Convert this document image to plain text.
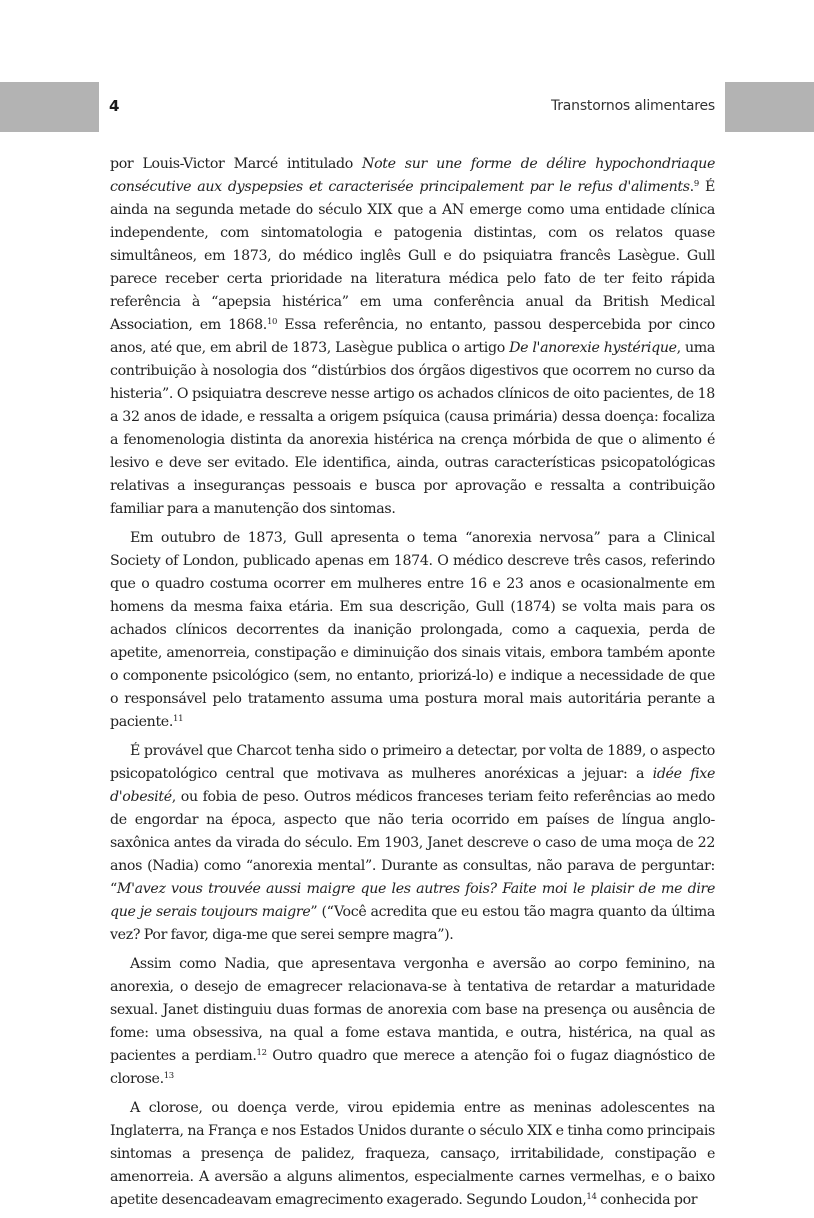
4	Transtornos alimentares

por Louis-Victor Marcé intitulado Note sur une forme de délire hypochondriaque consécutive aux dyspepsies et caracterisée principalement par le refus d'aliments.$^9$ É ainda na segunda metade do século XIX que a AN emerge como uma entidade clínica independente, com sintomatologia e patogenia distintas, com os relatos quase simultâneos, em 1873, do médico inglês Gull e do psiquiatra francês Lasègue. Gull parece receber certa prioridade na literatura médica pelo fato de ter feito rápida referência à “apepsia histérica” em uma conferência anual da British Medical Association, em 1868.10 Essa referência, no entanto, passou despercebida por cinco anos, até que, em abril de 1873, Lasègue publica o artigo De l'anorexie hystérique, uma contribuição à nosologia dos “distúrbios dos órgãos digestivos que ocorrem no curso da histeria”. O psiquiatra descreve nesse artigo os achados clínicos de oito pacientes, de 18 a 32 anos de idade, e ressalta a origem psíquica (causa primária) dessa doença: focaliza a fenomenologia distinta da anorexia histérica na crença mórbida de que o alimento é lesivo e deve ser evitado. Ele identifica, ainda, outras características psicopatológicas relativas a inseguranças pessoais e busca por aprovação e ressalta a contribuição familiar para a manutenção dos sintomas.

Em outubro de 1873, Gull apresenta o tema “anorexia nervosa” para a Clinical Society of London, publicado apenas em 1874. O médico descreve três casos, referindo que o quadro costuma ocorrer em mulheres entre 16 e 23 anos e ocasionalmente em homens da mesma faixa etária. Em sua descrição, Gull (1874) se volta mais para os achados clínicos decorrentes da inanição prolongada, como a caquexia, perda de apetite, amenorreia, constipação e diminuição dos sinais vitais, embora também aponte o componente psicológico (sem, no entanto, priorizá-lo) e indique a necessidade de que o responsável pelo tratamento assuma uma postura moral mais autoritária perante a paciente.$^{11}$

É provável que Charcot tenha sido o primeiro a detectar, por volta de 1889, o aspecto psicopatológico central que motivava as mulheres anoréxicas a jejuar: a idée fixe d'obesité, ou fobia de peso. Outros médicos franceses teriam feito referências ao medo de engordar na época, aspecto que não teria ocorrido em países de língua anglo-saxônica antes da virada do século. Em 1903, Janet descreve o caso de uma moça de 22 anos (Nadia) como “anorexia mental”. Durante as consultas, não parava de perguntar: “M'avez vous trouvée aussi maigre que les autres fois? Faite moi le plaisir de me dire que je serais toujours maigre” (“Você acredita que eu estou tão magra quanto da última vez? Por favor, diga-me que serei sempre magra”).

Assim como Nadia, que apresentava vergonha e aversão ao corpo feminino, na anorexia, o desejo de emagrecer relacionava-se à tentativa de retardar a maturidade sexual. Janet distinguiu duas formas de anorexia com base na presença ou ausência de fome: uma obsessiva, na qual a fome estava mantida, e outra, histérica, na qual as pacientes a perdiam.$^{12}$ Outro quadro que merece a atenção foi o fugaz diagnóstico de clorose.$^{13}$

A clorose, ou doença verde, virou epidemia entre as meninas adolescentes na Inglaterra, na França e nos Estados Unidos durante o século XIX e tinha como principais sintomas a presença de palidez, fraqueza, cansaço, irritabilidade, constipação e amenorreia. A aversão a alguns alimentos, especialmente carnes vermelhas, e o baixo apetite desencadeavam emagrecimento exagerado. Segundo Loudon,$^{14}$ conhecida por
